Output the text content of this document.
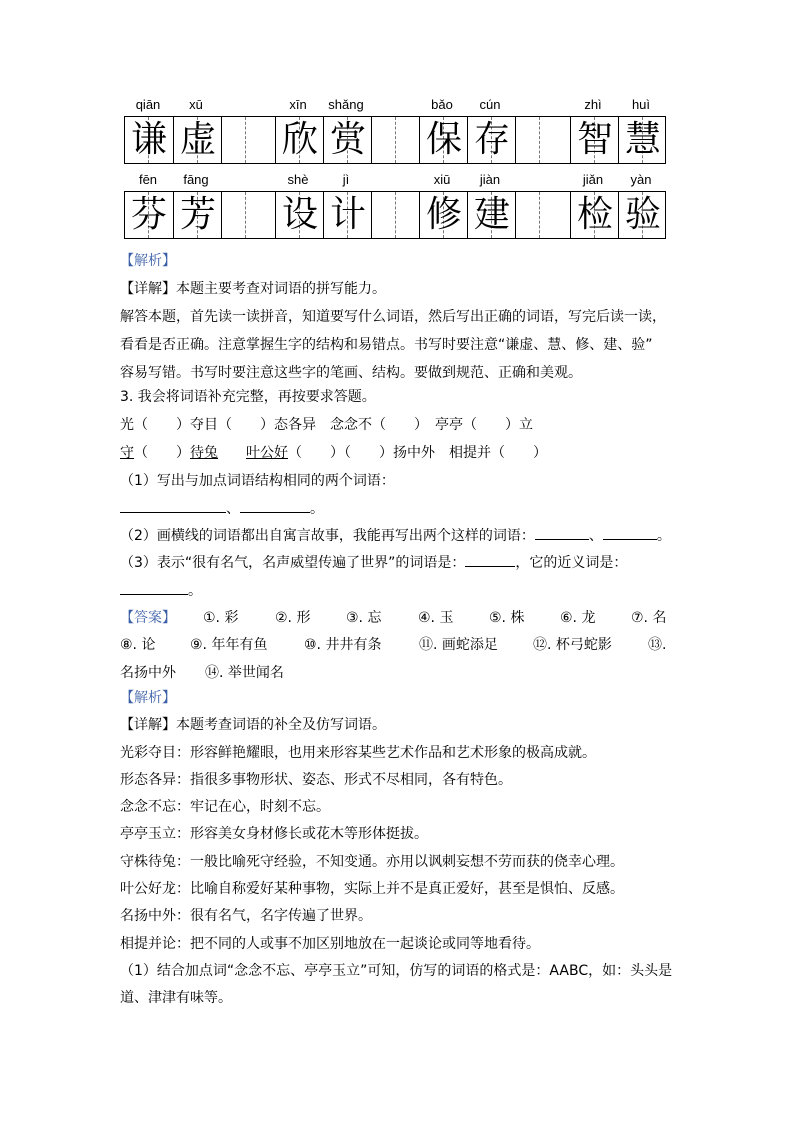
qiān	xū	xīn	shǎng	bǎo	cún	zhì	huì
谦 虚 欣 赏 保 存 智 慧
fēn	fāng	shè	jì	xiū	jiàn	jiǎn	yàn
芬 芳 设 计 修 建 检 验
【解析】
【详解】本题主要考查对词语的拼写能力。
解答本题，首先读一读拼音，知道要写什么词语，然后写出正确的词语，写完后读一读，
看看是否正确。注意掌握生字的结构和易错点。书写时要注意“谦虚、慧、修、建、验”
容易写错。书写时要注意这些字的笔画、结构。要做到规范、正确和美观。
3. 我会将词语补充完整，再按要求答题。
光（　　）夺目（　　）态各异　念念不（　　）　亭亭（　　）立
守（　　）待兔　　 叶公好（　　）（　　）扬中外　相提并（　　）
（1）写出与加点词语结构相同的两个词语：
、	。
（2）画横线的词语都出自寓言故事，我能再写出两个这样的词语：	、	。
（3）表示“很有名气，名声威望传遍了世界”的词语是：	，它的近义词是：
。
【答案】 ①. 彩	②. 形	③. 忘	④. 玉	⑤. 株	⑥. 龙	⑦. 名
⑧. 论 ⑨. 年年有鱼	⑩. 井井有条	⑪. 画蛇添足	⑫. 杯弓蛇影	⑬.
名扬中外 ⑭. 举世闻名
【解析】
【详解】本题考查词语的补全及仿写词语。
光彩夺目：形容鲜艳耀眼，也用来形容某些艺术作品和艺术形象的极高成就。
形态各异：指很多事物形状、姿态、形式不尽相同，各有特色。
念念不忘：牢记在心，时刻不忘。
亭亭玉立：形容美女身材修长或花木等形体挺拔。
守株待兔：一般比喻死守经验，不知变通。亦用以讽刺妄想不劳而获的侥幸心理。
叶公好龙：比喻自称爱好某种事物，实际上并不是真正爱好，甚至是惧怕、反感。
名扬中外：很有名气，名字传遍了世界。
相提并论：把不同的人或事不加区别地放在一起谈论或同等地看待。
（1）结合加点词“念念不忘、亭亭玉立”可知，仿写的词语的格式是：AABC，如：头头是
道、津津有味等。
